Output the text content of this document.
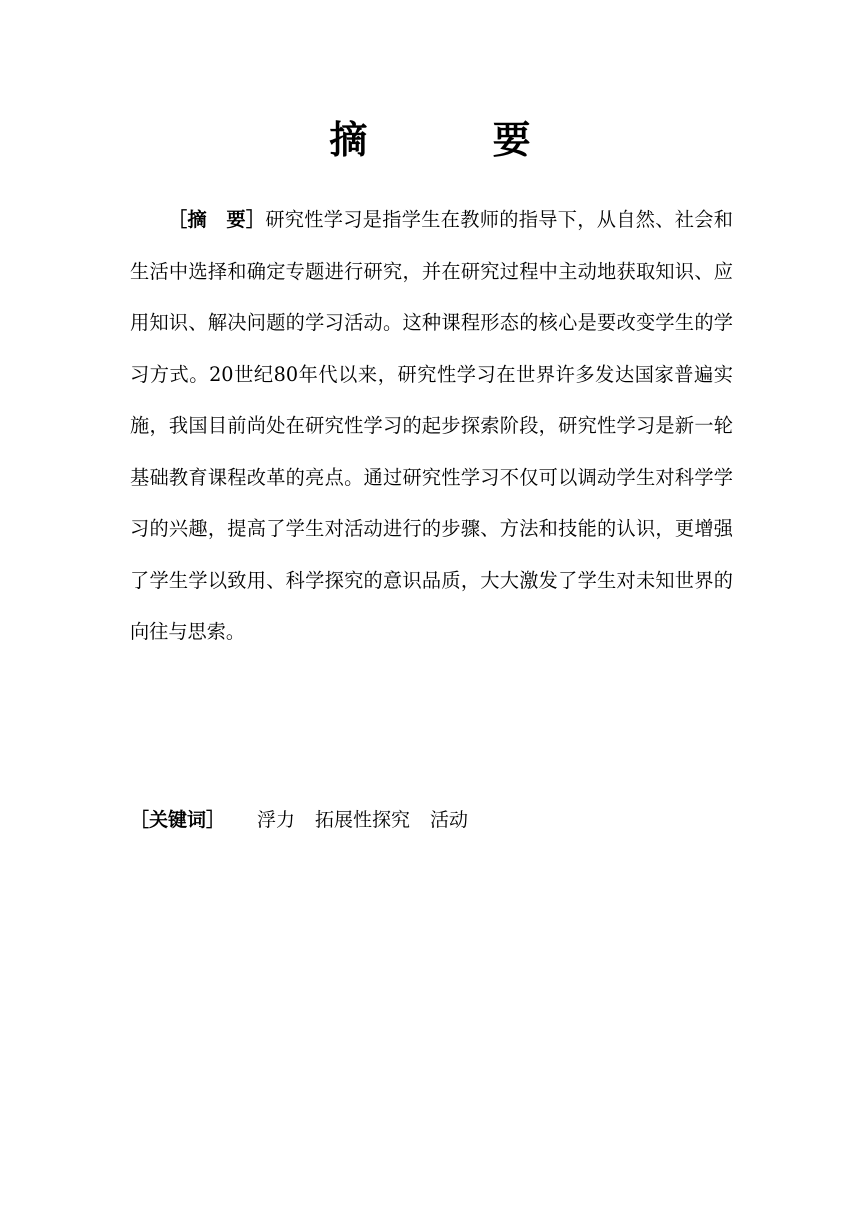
摘 要

［摘 要］研究性学习是指学生在教师的指导下，从自然、社会和生活中选择和确定专题进行研究，并在研究过程中主动地获取知识、应用知识、解决问题的学习活动。这种课程形态的核心是要改变学生的学习方式。20世纪80年代以来，研究性学习在世界许多发达国家普遍实施，我国目前尚处在研究性学习的起步探索阶段，研究性学习是新一轮基础教育课程改革的亮点。通过研究性学习不仅可以调动学生对科学学习的兴趣，提高了学生对活动进行的步骤、方法和技能的认识，更增强了学生学以致用、科学探究的意识品质，大大激发了学生对未知世界的向往与思索。

［关键词］ 浮力 拓展性探究 活动
